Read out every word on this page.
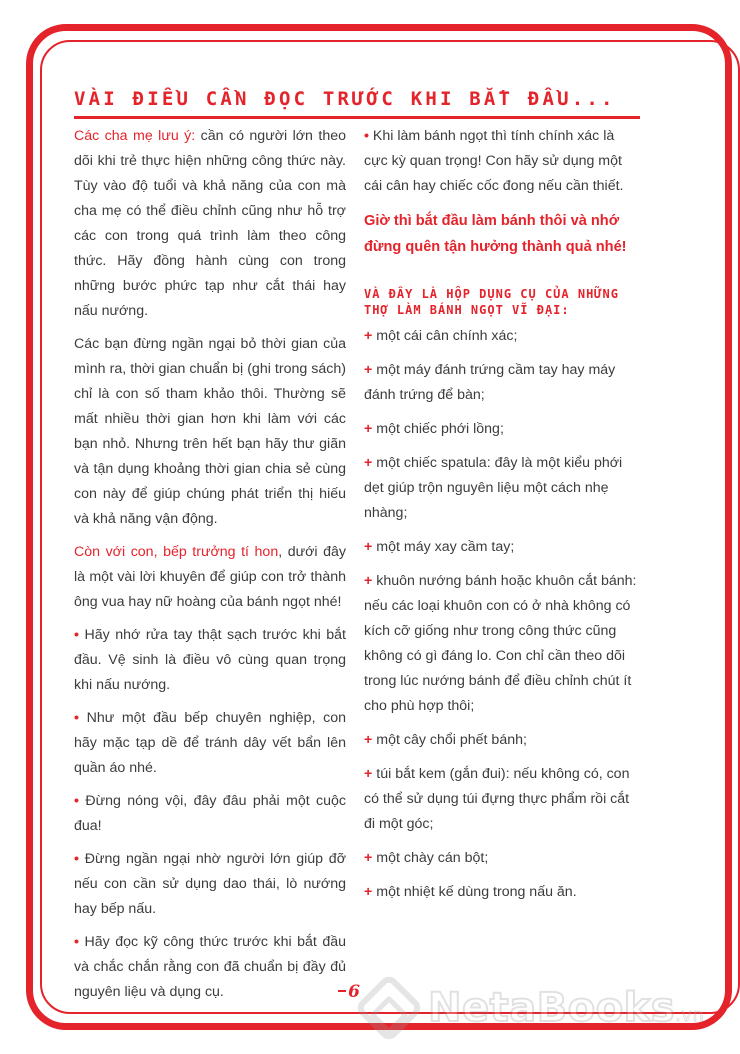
VÀI ĐIỀU CẦN ĐỌC TRƯỚC KHI BẮT ĐẦU...

Các cha mẹ lưu ý: cần có người lớn theo dõi khi trẻ thực hiện những công thức này. Tùy vào độ tuổi và khả năng của con mà cha mẹ có thể điều chỉnh cũng như hỗ trợ các con trong quá trình làm theo công thức. Hãy đồng hành cùng con trong những bước phức tạp như cắt thái hay nấu nướng.

Các bạn đừng ngần ngại bỏ thời gian của mình ra, thời gian chuẩn bị (ghi trong sách) chỉ là con số tham khảo thôi. Thường sẽ mất nhiều thời gian hơn khi làm với các bạn nhỏ. Nhưng trên hết bạn hãy thư giãn và tận dụng khoảng thời gian chia sẻ cùng con này để giúp chúng phát triển thị hiếu và khả năng vận động.

Còn với con, bếp trưởng tí hon, dưới đây là một vài lời khuyên để giúp con trở thành ông vua hay nữ hoàng của bánh ngọt nhé!

• Hãy nhớ rửa tay thật sạch trước khi bắt đầu. Vệ sinh là điều vô cùng quan trọng khi nấu nướng.

• Như một đầu bếp chuyên nghiệp, con hãy mặc tạp dề để tránh dây vết bẩn lên quần áo nhé.

• Đừng nóng vội, đây đâu phải một cuộc đua!

• Đừng ngần ngại nhờ người lớn giúp đỡ nếu con cần sử dụng dao thái, lò nướng hay bếp nấu.

• Hãy đọc kỹ công thức trước khi bắt đầu và chắc chắn rằng con đã chuẩn bị đầy đủ nguyên liệu và dụng cụ.

• Khi làm bánh ngọt thì tính chính xác là cực kỳ quan trọng! Con hãy sử dụng một cái cân hay chiếc cốc đong nếu cần thiết.

Giờ thì bắt đầu làm bánh thôi và nhớ đừng quên tận hưởng thành quả nhé!

VÀ ĐÂY LÀ HỘP DỤNG CỤ CỦA NHỮNG THỢ LÀM BÁNH NGỌT VĨ ĐẠI:

+ một cái cân chính xác;

+ một máy đánh trứng cầm tay hay máy đánh trứng để bàn;

+ một chiếc phới lồng;

+ một chiếc spatula: đây là một kiểu phới dẹt giúp trộn nguyên liệu một cách nhẹ nhàng;

+ một máy xay cầm tay;

+ khuôn nướng bánh hoặc khuôn cắt bánh: nếu các loại khuôn con có ở nhà không có kích cỡ giống như trong công thức cũng không có gì đáng lo. Con chỉ cần theo dõi trong lúc nướng bánh để điều chỉnh chút ít cho phù hợp thôi;

+ một cây chổi phết bánh;

+ túi bắt kem (gắn đui): nếu không có, con có thể sử dụng túi đựng thực phẩm rồi cắt đi một góc;

+ một chày cán bột;

+ một nhiệt kế dùng trong nấu ăn.

6 NetaBooks.vn
